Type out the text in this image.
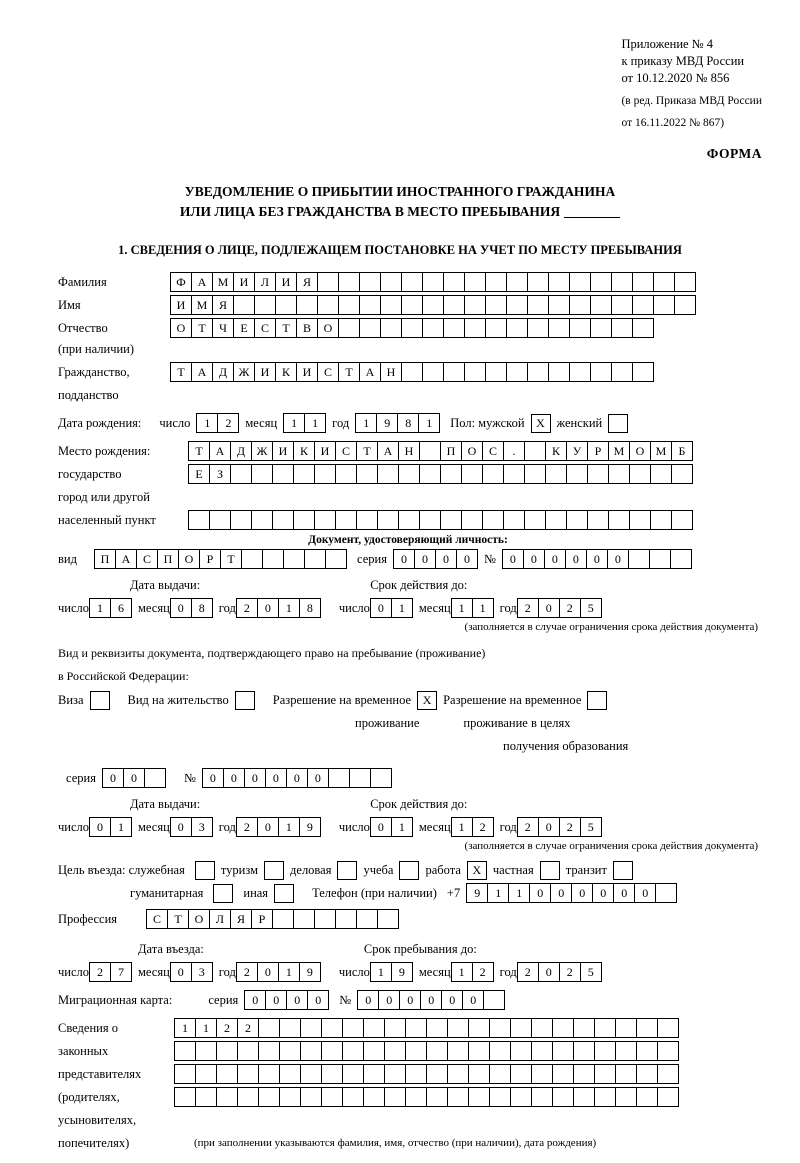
Приложение № 4
к приказу МВД России
от 10.12.2020 № 856
(в ред. Приказа МВД России
от 16.11.2022 № 867)
ФОРМА
УВЕДОМЛЕНИЕ О ПРИБЫТИИ ИНОСТРАННОГО ГРАЖДАНИНА
ИЛИ ЛИЦА БЕЗ ГРАЖДАНСТВА В МЕСТО ПРЕБЫВАНИЯ
1. СВЕДЕНИЯ О ЛИЦЕ, ПОДЛЕЖАЩЕМ ПОСТАНОВКЕ НА УЧЕТ ПО МЕСТУ ПРЕБЫВАНИЯ
Фамилия	Ф А М И	Л	И	Я
Имя	И М Я
Отчество	О	Т	Ч	Е	С	Т	В	О
(при наличии)
Гражданство,	Т	А	Д Ж И	К	И	С	Т	А	Н
подданство
Дата рождения: число	1	2	месяц	1	1	год	1	9	8	1	Пол: мужской Х женский
Место рождения:	Т	А	Д Ж И	К	И	С	Т	А	Н	П	О	С	.	К	У	Р	М О М	Б
государство	Е	З
город или другой
населенный пункт
Документ, удостоверяющий личность:
вид	П	А	С	П	О	Р	Т	серия	0	0	0	0	№	0	0	0	0	0	0
Дата выдачи:	Срок действия до:
число 1	6	месяц 0	8	год 2	0	1	8	число 0	1	месяц 1	1	год 2	0	2	5
(заполняется в случае ограничения срока действия документа)
Вид и реквизиты документа, подтверждающего право на пребывание (проживание)
в Российской Федерации:
Виза	Вид на жительство	Разрешение на временное Х Разрешение на временное
проживание	проживание в целях
получения образования
серия	0	0	№	0	0	0	0	0	0
Дата выдачи:	Срок действия до:
число 0	1	месяц 0	3	год 2	0	1	9	число 0	1	месяц 1	2	год 2	0	2	5
(заполняется в случае ограничения срока действия документа)
Цель въезда: служебная	туризм	деловая	учеба	работа Х частная	транзит
гуманитарная	иная	Телефон (при наличии) +7	9	1	1	0	0	0	0	0	0
Профессия	С	Т	О	Л	Я	Р
Дата въезда:	Срок пребывания до:
число 2	7	месяц 0	3	год 2	0	1	9	число 1	9	месяц 1	2	год 2	0	2	5
Миграционная карта:	серия	0	0	0	0	№	0	0	0	0	0	0
Сведения о	1	1	2	2
законных
представителях
(родителях,
усыновителях,
попечителях)	(при заполнении указываются фамилия, имя, отчество (при наличии), дата рождения)
